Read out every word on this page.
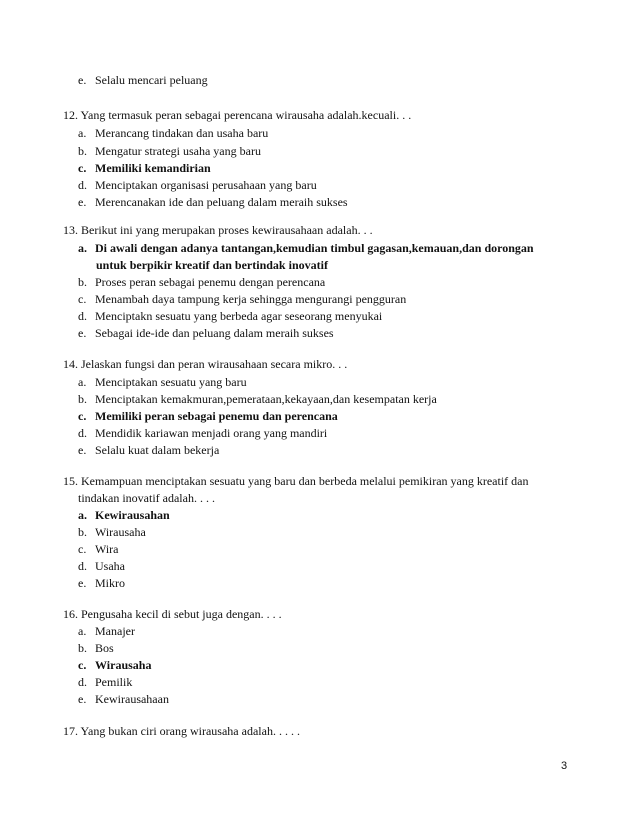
e. Selalu mencari peluang
12. Yang termasuk peran sebagai perencana wirausaha adalah.kecuali. . .
a. Merancang tindakan dan usaha baru
b. Mengatur strategi usaha yang baru
c. Memiliki kemandirian
d. Menciptakan organisasi perusahaan yang baru
e. Merencanakan ide dan peluang dalam meraih sukses
13. Berikut ini yang merupakan proses kewirausahaan adalah. . .
a. Di awali dengan adanya tantangan,kemudian timbul gagasan,kemauan,dan dorongan
untuk berpikir kreatif dan bertindak inovatif
b. Proses peran sebagai penemu dengan perencana
c. Menambah daya tampung kerja sehingga mengurangi pengguran
d. Menciptakn sesuatu yang berbeda agar seseorang menyukai
e. Sebagai ide-ide dan peluang dalam meraih sukses
14. Jelaskan fungsi dan peran wirausahaan secara mikro. . .
a. Menciptakan sesuatu yang baru
b. Menciptakan kemakmuran,pemerataan,kekayaan,dan kesempatan kerja
c. Memiliki peran sebagai penemu dan perencana
d. Mendidik kariawan menjadi orang yang mandiri
e. Selalu kuat dalam bekerja
15. Kemampuan menciptakan sesuatu yang baru dan berbeda melalui pemikiran yang kreatif dan
tindakan inovatif adalah. . . .
a. Kewirausahan
b. Wirausaha
c. Wira
d. Usaha
e. Mikro
16. Pengusaha kecil di sebut juga dengan. . . .
a. Manajer
b. Bos
c. Wirausaha
d. Pemilik
e. Kewirausahaan
17. Yang bukan ciri orang wirausaha adalah. . . . .
3
